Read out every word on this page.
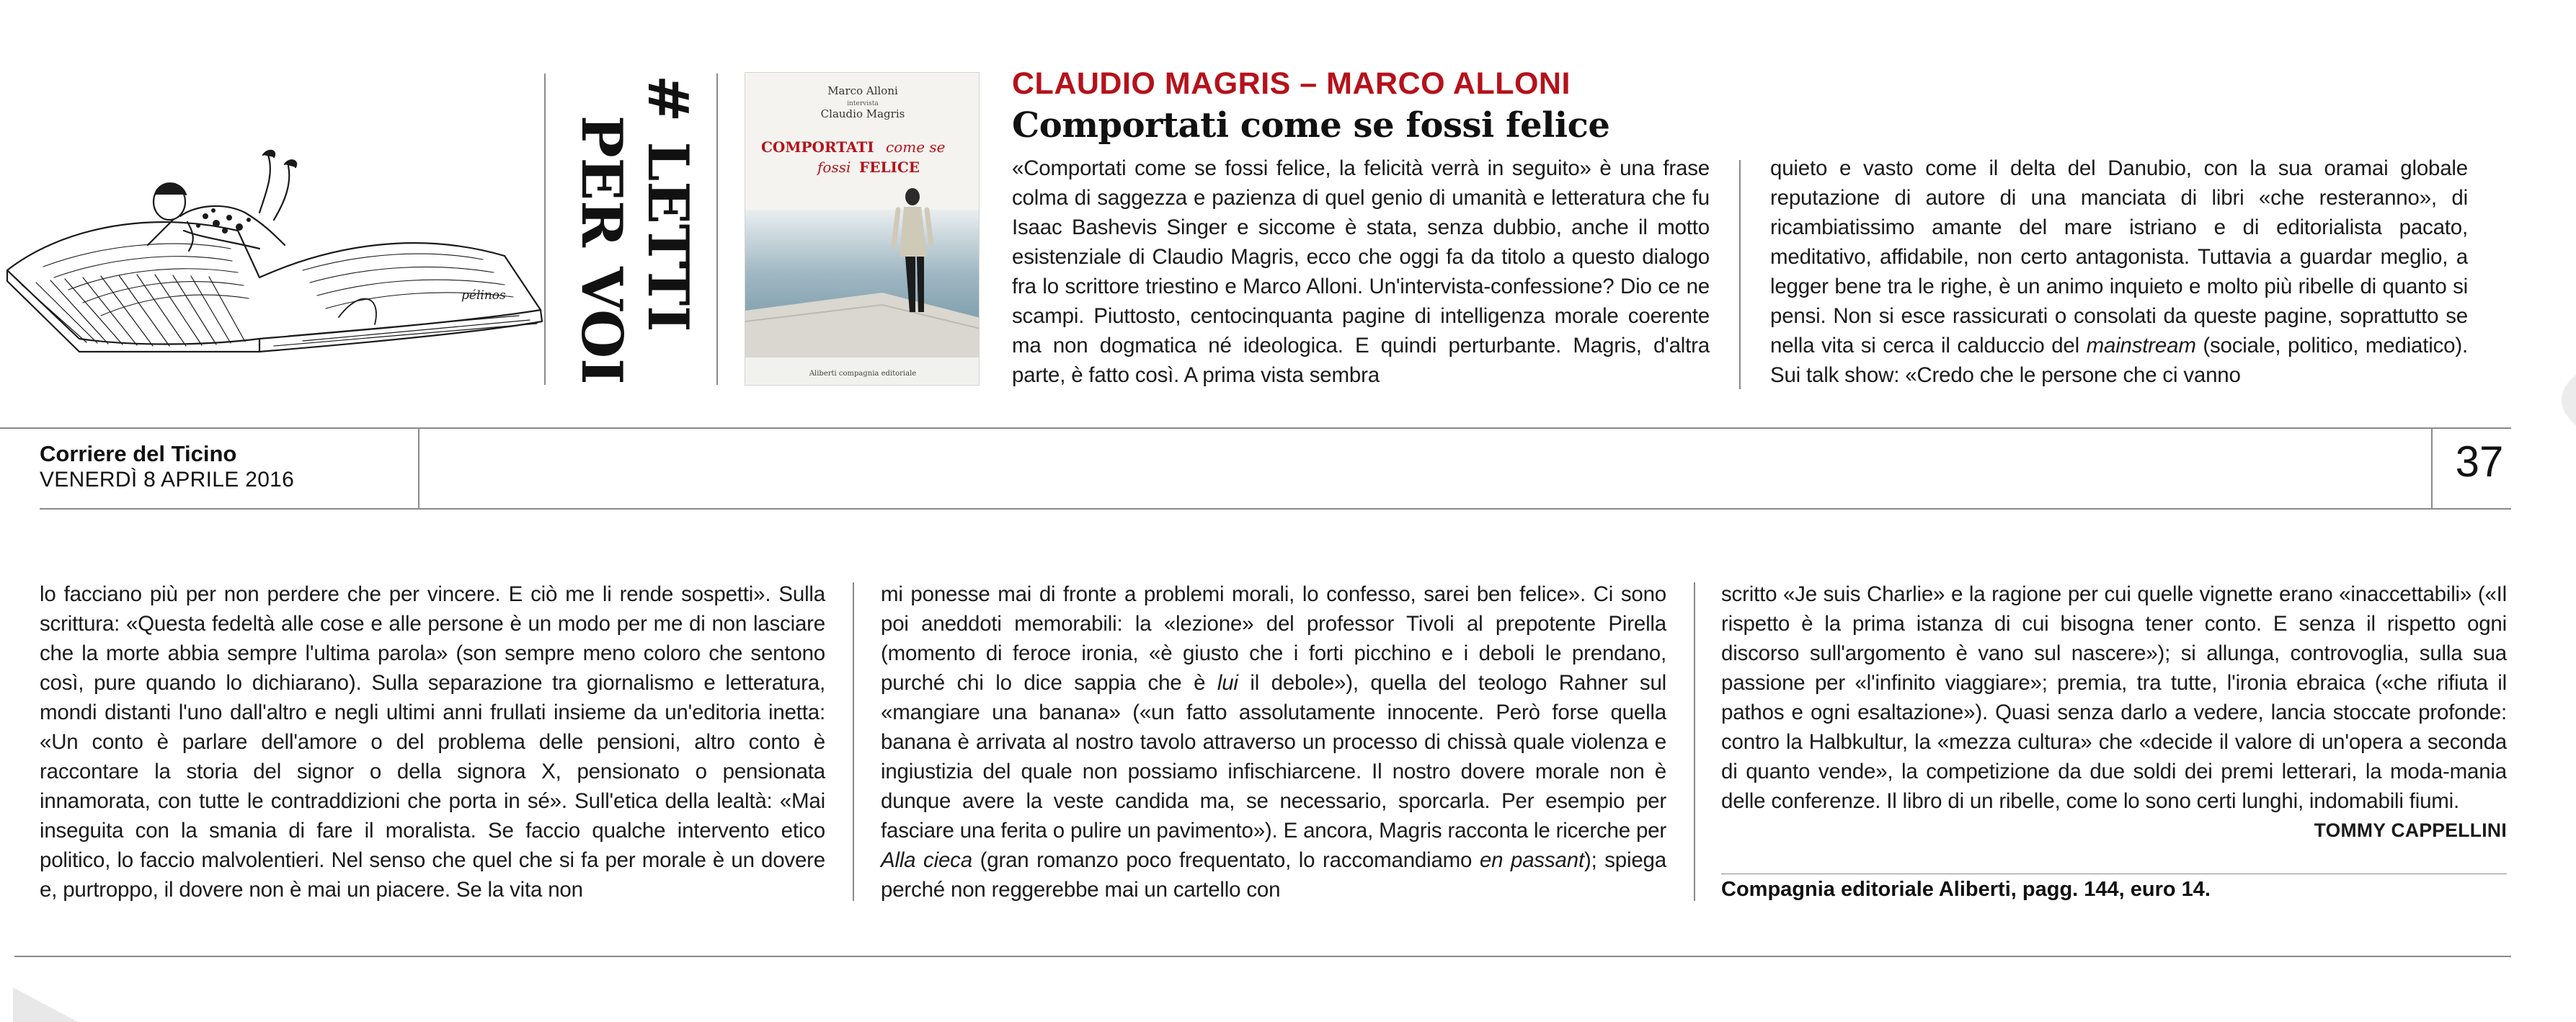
pélinos # LETTI
PER VOI
Marco Alloni
intervista
Claudio Magris
COMPORTATI come se
fossi FELICE
Aliberti compagnia editoriale
CLAUDIO MAGRIS – MARCO ALLONI
Comportati come se fossi felice

«Comportati come se fossi felice, la felicità verrà in seguito» è una frase colma di saggezza e pazienza di quel genio di umanità e letteratura che fu Isaac Bashevis Singer e siccome è stata, senza dubbio, anche il motto esistenziale di Claudio Magris, ecco che oggi fa da titolo a questo dialogo fra lo scrittore triestino e Marco Alloni. Un'intervista-confessione? Dio ce ne scampi. Piuttosto, centocinquanta pagine di intelligenza morale coerente ma non dogmatica né ideologica. E quindi perturbante. Magris, d'altra parte, è fatto così. A prima vista sembra

quieto e vasto come il delta del Danubio, con la sua oramai globale reputazione di autore di una manciata di libri «che resteranno», di ricambiatissimo amante del mare istriano e di editorialista pacato, meditativo, affidabile, non certo antagonista. Tuttavia a guardar meglio, a legger bene tra le righe, è un animo inquieto e molto più ribelle di quanto si pensi. Non si esce rassicurati o consolati da queste pagine, soprattutto se nella vita si cerca il calduccio del mainstream (sociale, politico, mediatico). Sui talk show: «Credo che le persone che ci vanno

Corriere del Ticino
VENERDÌ 8 APRILE 2016	37

lo facciano più per non perdere che per vincere. E ciò me li rende sospetti». Sulla scrittura: «Questa fedeltà alle cose e alle persone è un modo per me di non lasciare che la morte abbia sempre l'ultima parola» (son sempre meno coloro che sentono così, pure quando lo dichiarano). Sulla separazione tra giornalismo e letteratura, mondi distanti l'uno dall'altro e negli ultimi anni frullati insieme da un'editoria inetta: «Un conto è parlare dell'amore o del problema delle pensioni, altro conto è raccontare la storia del signor o della signora X, pensionato o pensionata innamorata, con tutte le contraddizioni che porta in sé». Sull'etica della lealtà: «Mai inseguita con la smania di fare il moralista. Se faccio qualche intervento etico politico, lo faccio malvolentieri. Nel senso che quel che si fa per morale è un dovere e, purtroppo, il dovere non è mai un piacere. Se la vita non

mi ponesse mai di fronte a problemi morali, lo confesso, sarei ben felice». Ci sono poi aneddoti memorabili: la «lezione» del professor Tivoli al prepotente Pirella (momento di feroce ironia, «è giusto che i forti picchino e i deboli le prendano, purché chi lo dice sappia che è lui il debole»), quella del teologo Rahner sul «mangiare una banana» («un fatto assolutamente innocente. Però forse quella banana è arrivata al nostro tavolo attraverso un processo di chissà quale violenza e ingiustizia del quale non possiamo infischiarcene. Il nostro dovere morale non è dunque avere la veste candida ma, se necessario, sporcarla. Per esempio per fasciare una ferita o pulire un pavimento»). E ancora, Magris racconta le ricerche per Alla cieca (gran romanzo poco frequentato, lo raccomandiamo en passant); spiega perché non reggerebbe mai un cartello con

scritto «Je suis Charlie» e la ragione per cui quelle vignette erano «inaccettabili» («Il rispetto è la prima istanza di cui bisogna tener conto. E senza il rispetto ogni discorso sull'argomento è vano sul nascere»); si allunga, controvoglia, sulla sua passione per «l'infinito viaggiare»; premia, tra tutte, l'ironia ebraica («che rifiuta il pathos e ogni esaltazione»). Quasi senza darlo a vedere, lancia stoccate profonde: contro la Halbkultur, la «mezza cultura» che «decide il valore di un'opera a seconda di quanto vende», la competizione da due soldi dei premi letterari, la moda-mania delle conferenze. Il libro di un ribelle, come lo sono certi lunghi, indomabili fiumi.
TOMMY CAPPELLINI

Compagnia editoriale Aliberti, pagg. 144, euro 14.
